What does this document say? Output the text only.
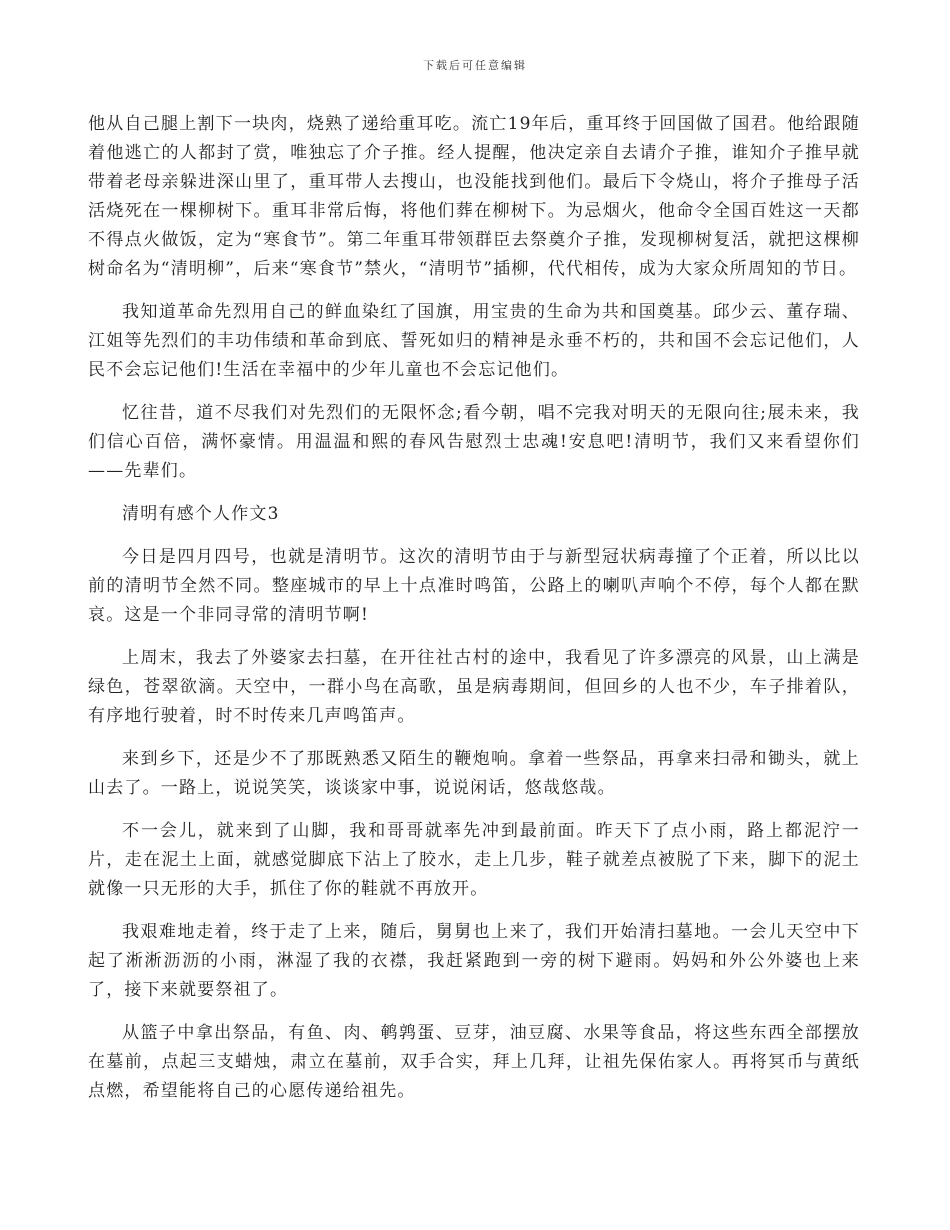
下载后可任意编辑

他从自己腿上割下一块肉，烧熟了递给重耳吃。流亡19年后，重耳终于回国做了国君。他给跟随着他逃亡的人都封了赏，唯独忘了介子推。经人提醒，他决定亲自去请介子推，谁知介子推早就带着老母亲躲进深山里了，重耳带人去搜山，也没能找到他们。最后下令烧山，将介子推母子活活烧死在一棵柳树下。重耳非常后悔，将他们葬在柳树下。为忌烟火，他命令全国百姓这一天都不得点火做饭，定为“寒食节”。第二年重耳带领群臣去祭奠介子推，发现柳树复活，就把这棵柳树命名为“清明柳”，后来“寒食节”禁火，“清明节”插柳，代代相传，成为大家众所周知的节日。

我知道革命先烈用自己的鲜血染红了国旗，用宝贵的生命为共和国奠基。邱少云、董存瑞、江姐等先烈们的丰功伟绩和革命到底、誓死如归的精神是永垂不朽的，共和国不会忘记他们，人民不会忘记他们!生活在幸福中的少年儿童也不会忘记他们。

忆往昔，道不尽我们对先烈们的无限怀念;看今朝，唱不完我对明天的无限向往;展未来，我们信心百倍，满怀豪情。用温温和熙的春风告慰烈士忠魂!安息吧!清明节，我们又来看望你们——先辈们。

清明有感个人作文3

今日是四月四号，也就是清明节。这次的清明节由于与新型冠状病毒撞了个正着，所以比以前的清明节全然不同。整座城市的早上十点准时鸣笛，公路上的喇叭声响个不停，每个人都在默哀。这是一个非同寻常的清明节啊!

上周末，我去了外婆家去扫墓，在开往社古村的途中，我看见了许多漂亮的风景，山上满是绿色，苍翠欲滴。天空中，一群小鸟在高歌，虽是病毒期间，但回乡的人也不少，车子排着队，有序地行驶着，时不时传来几声鸣笛声。

来到乡下，还是少不了那既熟悉又陌生的鞭炮响。拿着一些祭品，再拿来扫帚和锄头，就上山去了。一路上，说说笑笑，谈谈家中事，说说闲话，悠哉悠哉。

不一会儿，就来到了山脚，我和哥哥就率先冲到最前面。昨天下了点小雨，路上都泥泞一片，走在泥土上面，就感觉脚底下沾上了胶水，走上几步，鞋子就差点被脱了下来，脚下的泥土就像一只无形的大手，抓住了你的鞋就不再放开。

我艰难地走着，终于走了上来，随后，舅舅也上来了，我们开始清扫墓地。一会儿天空中下起了淅淅沥沥的小雨，淋湿了我的衣襟，我赶紧跑到一旁的树下避雨。妈妈和外公外婆也上来了，接下来就要祭祖了。

从篮子中拿出祭品，有鱼、肉、鹌鹑蛋、豆芽，油豆腐、水果等食品，将这些东西全部摆放在墓前，点起三支蜡烛，肃立在墓前，双手合实，拜上几拜，让祖先保佑家人。再将冥币与黄纸点燃，希望能将自己的心愿传递给祖先。
